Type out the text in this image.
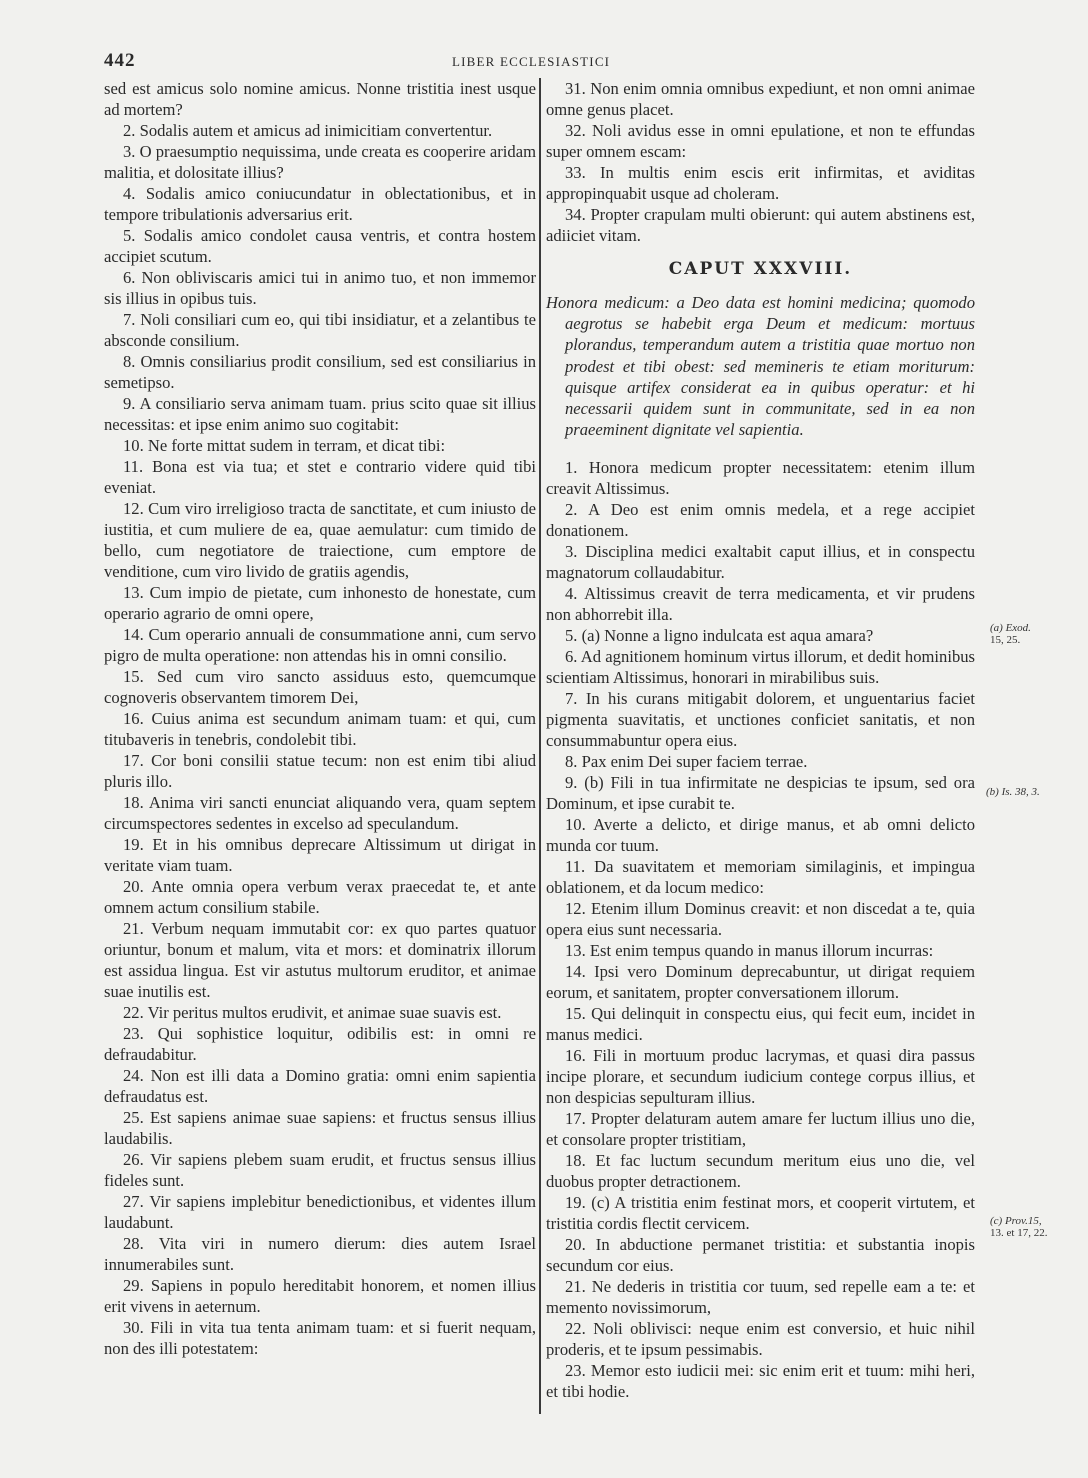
442	LIBER ECCLESIASTICI

sed est amicus solo nomine amicus. Nonne tristitia inest usque ad mortem?

2. Sodalis autem et amicus ad inimicitiam convertentur.

3. O praesumptio nequissima, unde creata es cooperire aridam malitia, et dolositate illius?

4. Sodalis amico coniucundatur in oblectationibus, et in tempore tribulationis adversarius erit.

5. Sodalis amico condolet causa ventris, et contra hostem accipiet scutum.

6. Non obliviscaris amici tui in animo tuo, et non immemor sis illius in opibus tuis.

7. Noli consiliari cum eo, qui tibi insidiatur, et a zelantibus te absconde consilium.

8. Omnis consiliarius prodit consilium, sed est consiliarius in semetipso.

9. A consiliario serva animam tuam. prius scito quae sit illius necessitas: et ipse enim animo suo cogitabit:

10. Ne forte mittat sudem in terram, et dicat tibi:

11. Bona est via tua; et stet e contrario videre quid tibi eveniat.

12. Cum viro irreligioso tracta de sanctitate, et cum iniusto de iustitia, et cum muliere de ea, quae aemulatur: cum timido de bello, cum negotiatore de traiectione, cum emptore de venditione, cum viro livido de gratiis agendis,

13. Cum impio de pietate, cum inhonesto de honestate, cum operario agrario de omni opere,

14. Cum operario annuali de consummatione anni, cum servo pigro de multa operatione: non attendas his in omni consilio.

15. Sed cum viro sancto assiduus esto, quemcumque cognoveris observantem timorem Dei,

16. Cuius anima est secundum animam tuam: et qui, cum titubaveris in tenebris, condolebit tibi.

17. Cor boni consilii statue tecum: non est enim tibi aliud pluris illo.

18. Anima viri sancti enunciat aliquando vera, quam septem circumspectores sedentes in excelso ad speculandum.

19. Et in his omnibus deprecare Altissimum ut dirigat in veritate viam tuam.

20. Ante omnia opera verbum verax praecedat te, et ante omnem actum consilium stabile.

21. Verbum nequam immutabit cor: ex quo partes quatuor oriuntur, bonum et malum, vita et mors: et dominatrix illorum est assidua lingua. Est vir astutus multorum eruditor, et animae suae inutilis est.

22. Vir peritus multos erudivit, et animae suae suavis est.

23. Qui sophistice loquitur, odibilis est: in omni re defraudabitur.

24. Non est illi data a Domino gratia: omni enim sapientia defraudatus est.

25. Est sapiens animae suae sapiens: et fructus sensus illius laudabilis.

26. Vir sapiens plebem suam erudit, et fructus sensus illius fideles sunt.

27. Vir sapiens implebitur benedictionibus, et videntes illum laudabunt.

28. Vita viri in numero dierum: dies autem Israel innumerabiles sunt.

29. Sapiens in populo hereditabit honorem, et nomen illius erit vivens in aeternum.

30. Fili in vita tua tenta animam tuam: et si fuerit nequam, non des illi potestatem:

31. Non enim omnia omnibus expediunt, et non omni animae omne genus placet.

32. Noli avidus esse in omni epulatione, et non te effundas super omnem escam:

33. In multis enim escis erit infirmitas, et aviditas appropinquabit usque ad choleram.

34. Propter crapulam multi obierunt: qui autem abstinens est, adiiciet vitam.

CAPUT XXXVIII.

Honora medicum: a Deo data est homini medicina; quomodo aegrotus se habebit erga Deum et medicum: mortuus plorandus, temperandum autem a tristitia quae mortuo non prodest et tibi obest: sed memineris te etiam moriturum: quisque artifex considerat ea in quibus operatur: et hi necessarii quidem sunt in communitate, sed in ea non praeeminent dignitate vel sapientia.

1. Honora medicum propter necessitatem: etenim illum creavit Altissimus.

2. A Deo est enim omnis medela, et a rege accipiet donationem.

3. Disciplina medici exaltabit caput illius, et in conspectu magnatorum collaudabitur.

4. Altissimus creavit de terra medicamenta, et vir prudens non abhorrebit illa.

5. (a) Nonne a ligno indulcata est aqua amara?

6. Ad agnitionem hominum virtus illorum, et dedit hominibus scientiam Altissimus, honorari in mirabilibus suis.

7. In his curans mitigabit dolorem, et unguentarius faciet pigmenta suavitatis, et unctiones conficiet sanitatis, et non consummabuntur opera eius.

8. Pax enim Dei super faciem terrae.

9. (b) Fili in tua infirmitate ne despicias te ipsum, sed ora Dominum, et ipse curabit te.

10. Averte a delicto, et dirige manus, et ab omni delicto munda cor tuum.

11. Da suavitatem et memoriam similaginis, et impingua oblationem, et da locum medico:

12. Etenim illum Dominus creavit: et non discedat a te, quia opera eius sunt necessaria.

13. Est enim tempus quando in manus illorum incurras:

14. Ipsi vero Dominum deprecabuntur, ut dirigat requiem eorum, et sanitatem, propter conversationem illorum.

15. Qui delinquit in conspectu eius, qui fecit eum, incidet in manus medici.

16. Fili in mortuum produc lacrymas, et quasi dira passus incipe plorare, et secundum iudicium contege corpus illius, et non despicias sepulturam illius.

17. Propter delaturam autem amare fer luctum illius uno die, et consolare propter tristitiam,

18. Et fac luctum secundum meritum eius uno die, vel duobus propter detractionem.

19. (c) A tristitia enim festinat mors, et cooperit virtutem, et tristitia cordis flectit cervicem.

20. In abductione permanet tristitia: et substantia inopis secundum cor eius.

21. Ne dederis in tristitia cor tuum, sed repelle eam a te: et memento novissimorum,

22. Noli oblivisci: neque enim est conversio, et huic nihil proderis, et te ipsum pessimabis.

23. Memor esto iudicii mei: sic enim erit et tuum: mihi heri, et tibi hodie.

(a) Exod.
15, 25.
(b) Is. 38, 3.
(c) Prov.15,
13. et 17, 22.
